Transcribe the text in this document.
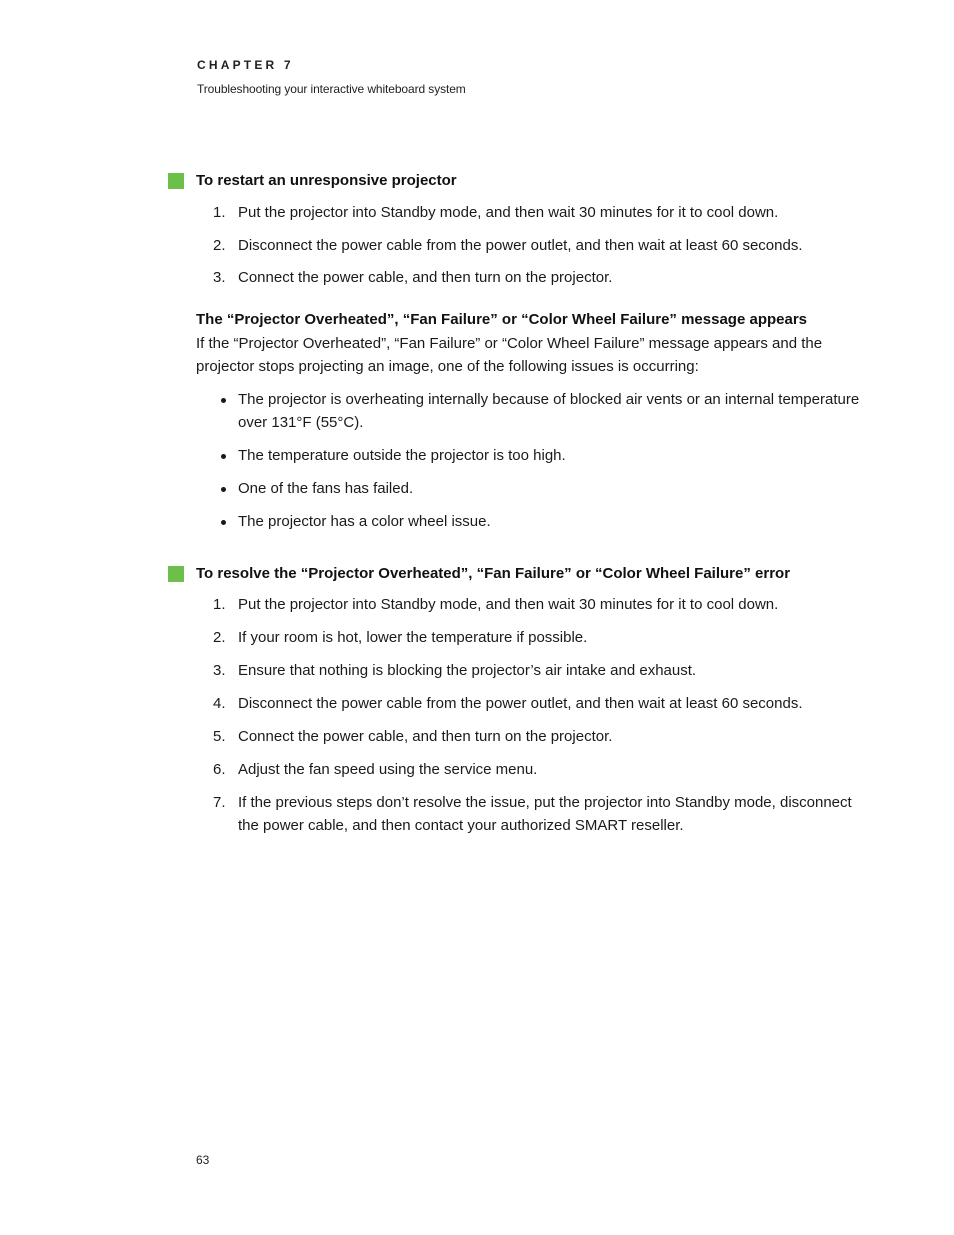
CHAPTER 7
Troubleshooting your interactive whiteboard system
To restart an unresponsive projector
1. Put the projector into Standby mode, and then wait 30 minutes for it to cool down.
2. Disconnect the power cable from the power outlet, and then wait at least 60 seconds.
3. Connect the power cable, and then turn on the projector.
The “Projector Overheated”, “Fan Failure” or “Color Wheel Failure” message appears
If the “Projector Overheated”, “Fan Failure” or “Color Wheel Failure” message appears and the projector stops projecting an image, one of the following issues is occurring:
The projector is overheating internally because of blocked air vents or an internal temperature over 131°F (55°C).
The temperature outside the projector is too high.
One of the fans has failed.
The projector has a color wheel issue.
To resolve the “Projector Overheated”, “Fan Failure” or “Color Wheel Failure” error
1. Put the projector into Standby mode, and then wait 30 minutes for it to cool down.
2. If your room is hot, lower the temperature if possible.
3. Ensure that nothing is blocking the projector’s air intake and exhaust.
4. Disconnect the power cable from the power outlet, and then wait at least 60 seconds.
5. Connect the power cable, and then turn on the projector.
6. Adjust the fan speed using the service menu.
7. If the previous steps don’t resolve the issue, put the projector into Standby mode, disconnect the power cable, and then contact your authorized SMART reseller.
63
